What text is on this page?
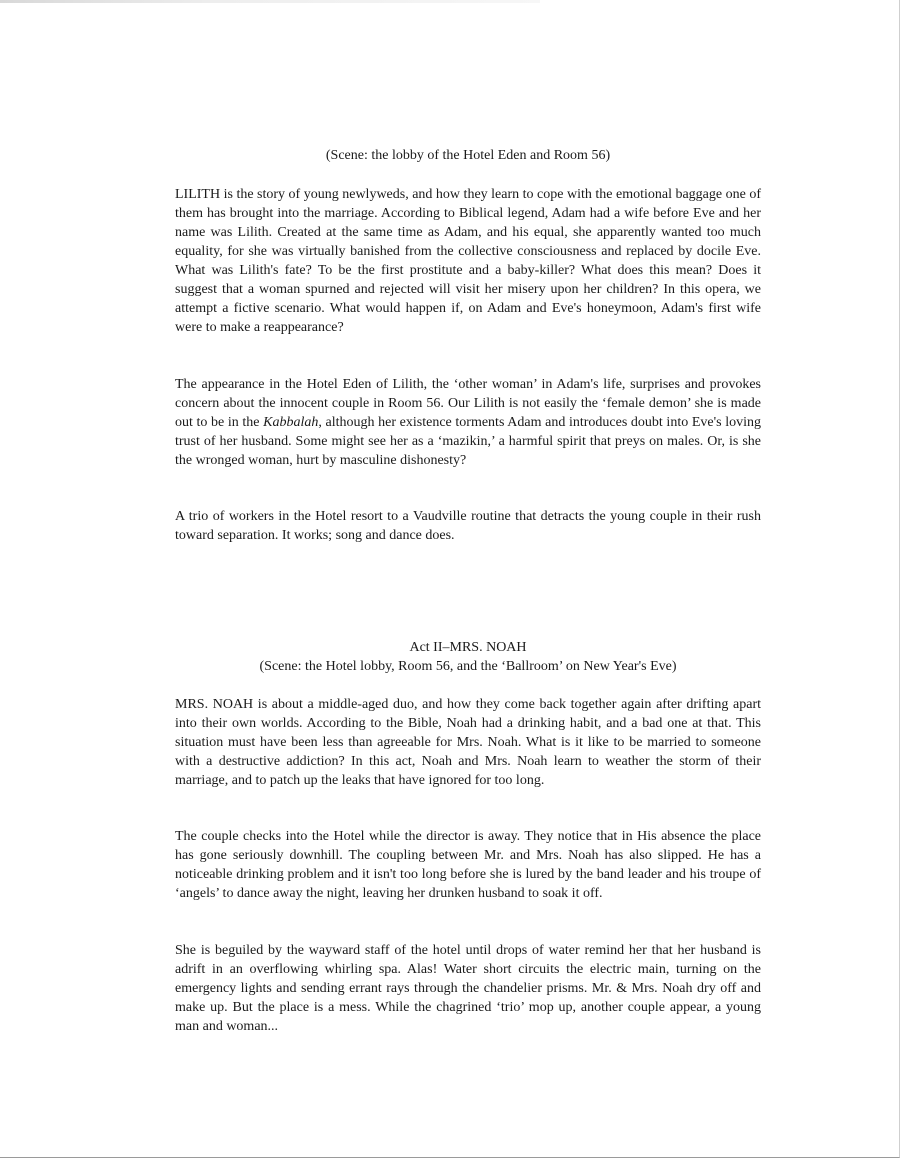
(Scene: the lobby of the Hotel Eden and Room 56)

LILITH is the story of young newlyweds, and how they learn to cope with the emotional baggage one of them has brought into the marriage. According to Biblical legend, Adam had a wife before Eve and her name was Lilith. Created at the same time as Adam, and his equal, she apparently wanted too much equality, for she was virtually banished from the collective consciousness and replaced by docile Eve. What was Lilith's fate? To be the first prostitute and a baby-killer? What does this mean? Does it suggest that a woman spurned and rejected will visit her misery upon her children? In this opera, we attempt a fictive scenario. What would happen if, on Adam and Eve's honeymoon, Adam's first wife were to make a reappearance?

The appearance in the Hotel Eden of Lilith, the ‘other woman’ in Adam's life, surprises and provokes concern about the innocent couple in Room 56. Our Lilith is not easily the ‘female demon’ she is made out to be in the Kabbalah, although her existence torments Adam and introduces doubt into Eve's loving trust of her husband. Some might see her as a ‘mazikin,’ a harmful spirit that preys on males. Or, is she the wronged woman, hurt by masculine dishonesty?

A trio of workers in the Hotel resort to a Vaudville routine that detracts the young couple in their rush toward separation. It works; song and dance does.

Act II–MRS. NOAH

(Scene: the Hotel lobby, Room 56, and the ‘Ballroom’ on New Year's Eve)

MRS. NOAH is about a middle-aged duo, and how they come back together again after drifting apart into their own worlds. According to the Bible, Noah had a drinking habit, and a bad one at that. This situation must have been less than agreeable for Mrs. Noah. What is it like to be married to someone with a destructive addiction? In this act, Noah and Mrs. Noah learn to weather the storm of their marriage, and to patch up the leaks that have ignored for too long.

The couple checks into the Hotel while the director is away. They notice that in His absence the place has gone seriously downhill. The coupling between Mr. and Mrs. Noah has also slipped. He has a noticeable drinking problem and it isn't too long before she is lured by the band leader and his troupe of ‘angels’ to dance away the night, leaving her drunken husband to soak it off.

She is beguiled by the wayward staff of the hotel until drops of water remind her that her husband is adrift in an overflowing whirling spa. Alas! Water short circuits the electric main, turning on the emergency lights and sending errant rays through the chandelier prisms. Mr. & Mrs. Noah dry off and make up. But the place is a mess. While the chagrined ‘trio’ mop up, another couple appear, a young man and woman...
